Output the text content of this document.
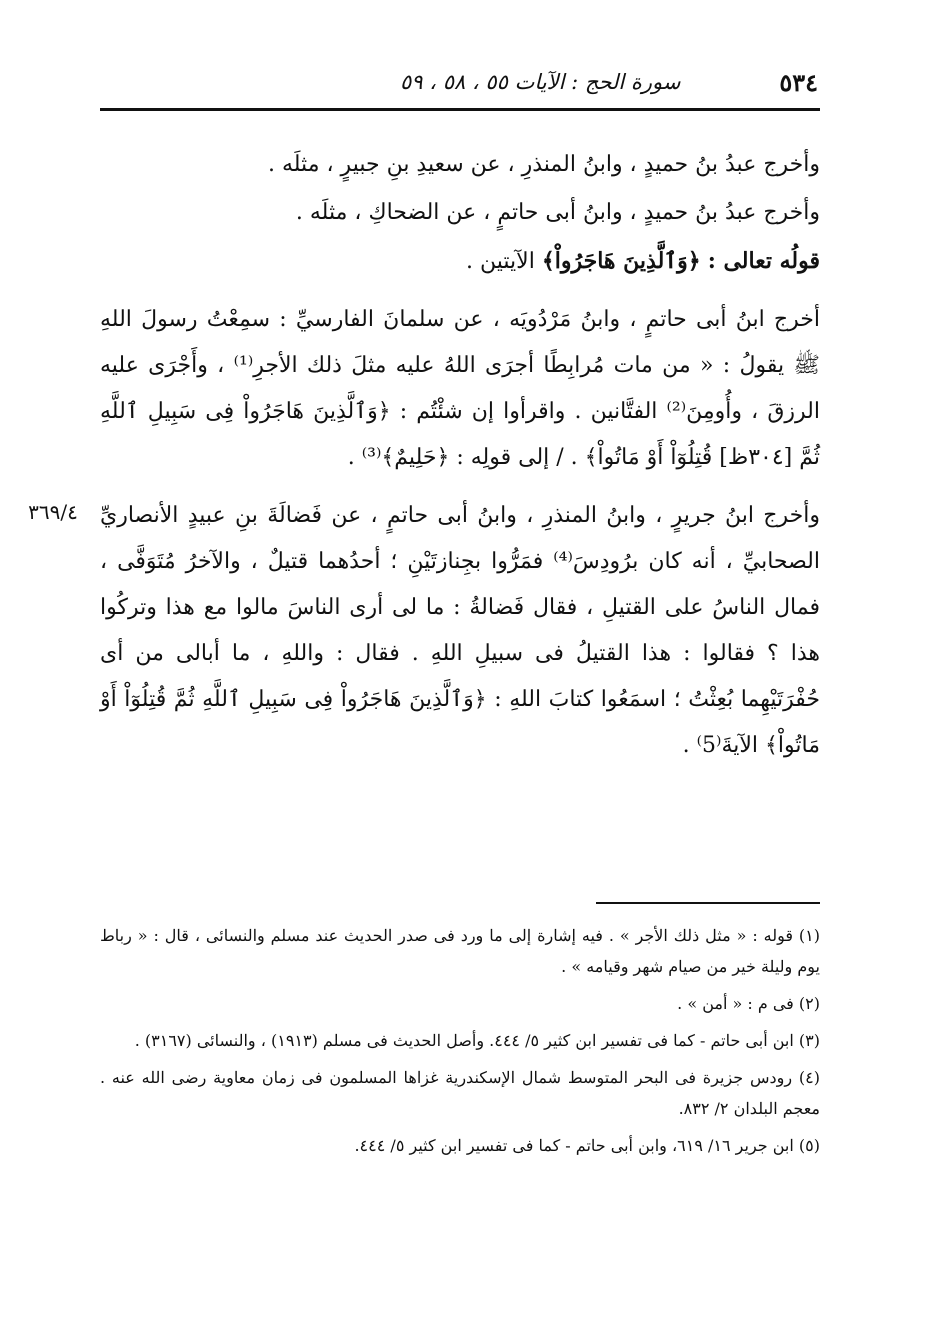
٥٣٤
سورة الحج : الآيات ٥٥ ، ٥٨ ، ٥٩
٣٦٩/٤

وأخرج عبدُ بنُ حميدٍ ، وابنُ المنذرِ ، عن سعيدِ بنِ جبيرٍ ، مثلَه .

وأخرج عبدُ بنُ حميدٍ ، وابنُ أبى حاتمٍ ، عن الضحاكِ ، مثلَه .

قولُه تعالى : ﴿وَٱلَّذِينَ هَاجَرُواْ﴾ الآيتين .

أخرج ابنُ أبى حاتمٍ ، وابنُ مَرْدُويَه ، عن سلمانَ الفارسيِّ : سمِعْتُ رسولَ اللهِ ﷺ يقولُ : « من مات مُرابِطًا أجرَى اللهُ عليه مثلَ ذلك الأجرِ⁽¹⁾ ، وأَجْرَى عليه الرزقَ ، وأُومِنَ⁽²⁾ الفتَّانين . واقرأوا إن شئْتُم : ﴿وَٱلَّذِينَ هَاجَرُواْ فِى سَبِيلِ ٱللَّهِ ثُمَّ [٣٠٤ظ] قُتِلُوٓاْ أَوْ مَاتُواْ﴾ . / إلى قولِه : ﴿حَلِيمٌ﴾⁽³⁾ .

وأخرج ابنُ جريرٍ ، وابنُ المنذرِ ، وابنُ أبى حاتمٍ ، عن فَضالَةَ بنِ عبيدٍ الأنصاريِّ الصحابيِّ ، أنه كان برُودِسَ⁽⁴⁾ فمَرُّوا بجِنازتَيْنِ ؛ أحدُهما قتيلٌ ، والآخرُ مُتَوَفَّى ، فمال الناسُ على القتيلِ ، فقال فَضالةُ : ما لى أرى الناسَ مالوا مع هذا وتركُوا هذا ؟ فقالوا : هذا القتيلُ فى سبيلِ اللهِ . فقال : واللهِ ، ما أبالى من أى حُفْرَتَيْهِما بُعِثْتُ ؛ اسمَعُوا كتابَ اللهِ : ﴿وَٱلَّذِينَ هَاجَرُواْ فِى سَبِيلِ ٱللَّهِ ثُمَّ قُتِلُوٓاْ أَوْ مَاتُواْ﴾ الآيةَ⁽5⁾ .

(١) قوله : « مثل ذلك الأجر » . فيه إشارة إلى ما ورد فى صدر الحديث عند مسلم والنسائى ، قال : « رباط يوم وليلة خير من صيام شهر وقيامه » .

(٢) فى م : « أمن » .

(٣) ابن أبى حاتم - كما فى تفسير ابن كثير ٥/ ٤٤٤. وأصل الحديث فى مسلم (١٩١٣) ، والنسائى (٣١٦٧) .

(٤) رودس جزيرة فى البحر المتوسط شمال الإسكندرية غزاها المسلمون فى زمان معاوية رضى الله عنه . معجم البلدان ٢/ ٨٣٢.

(٥) ابن جرير ١٦/ ٦١٩، وابن أبى حاتم - كما فى تفسير ابن كثير ٥/ ٤٤٤.
